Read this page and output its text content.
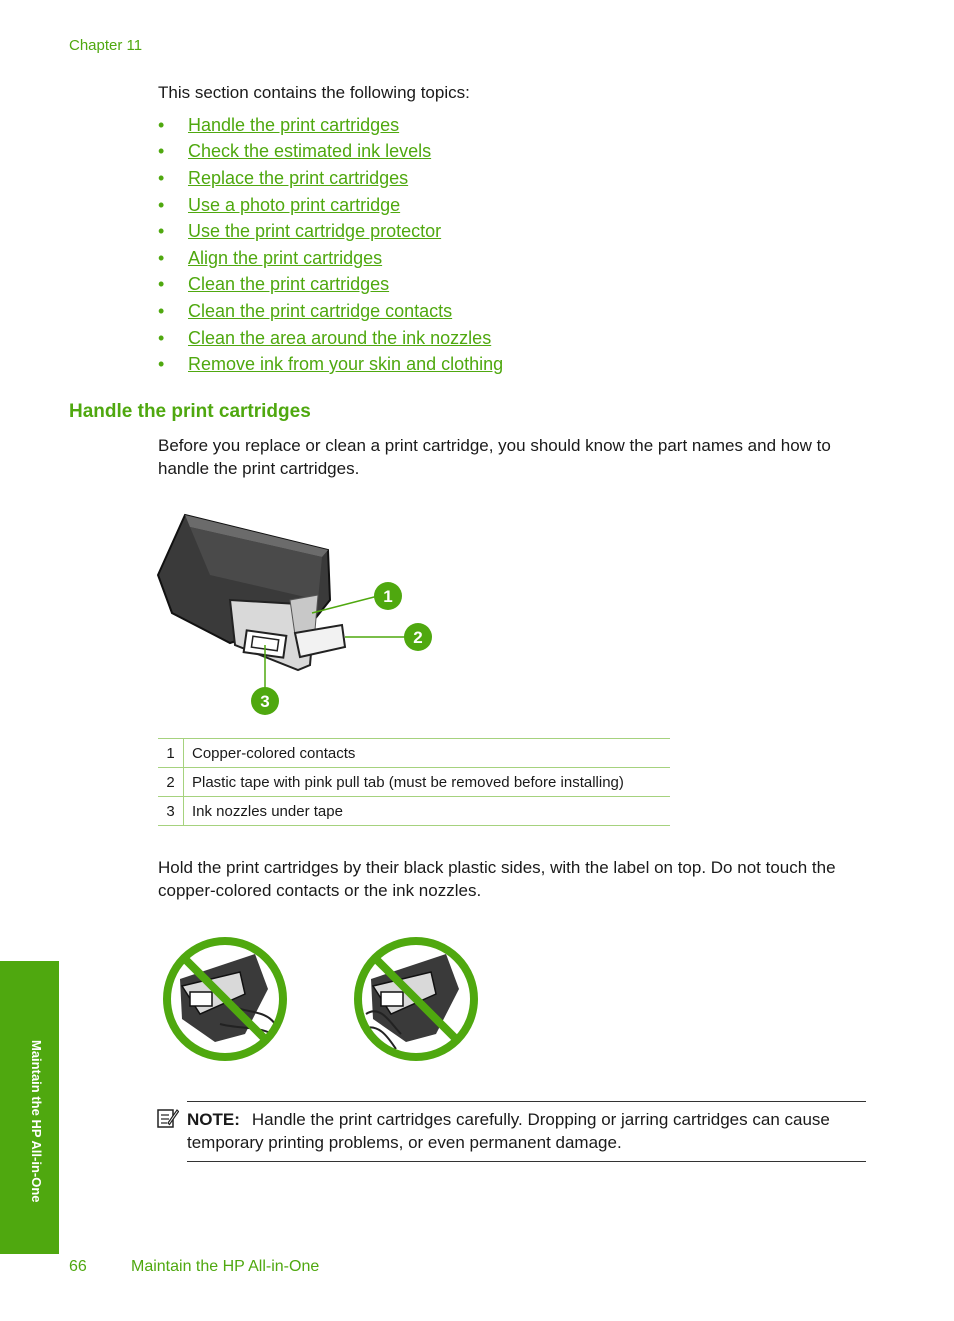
Chapter 11
This section contains the following topics:
•	Handle the print cartridges
•	Check the estimated ink levels
•	Replace the print cartridges
•	Use a photo print cartridge
•	Use the print cartridge protector
•	Align the print cartridges
•	Clean the print cartridges
•	Clean the print cartridge contacts
•	Clean the area around the ink nozzles
•	Remove ink from your skin and clothing
Handle the print cartridges

Before you replace or clean a print cartridge, you should know the part names and how to handle the print cartridges.

1
2
3
1	Copper-colored contacts
2	Plastic tape with pink pull tab (must be removed before installing)
3	Ink nozzles under tape

Hold the print cartridges by their black plastic sides, with the label on top. Do not touch the copper-colored contacts or the ink nozzles.

NOTE: Handle the print cartridges carefully. Dropping or jarring cartridges can cause temporary printing problems, or even permanent damage.
Maintain the HP All-in-One
66	Maintain the HP All-in-One
